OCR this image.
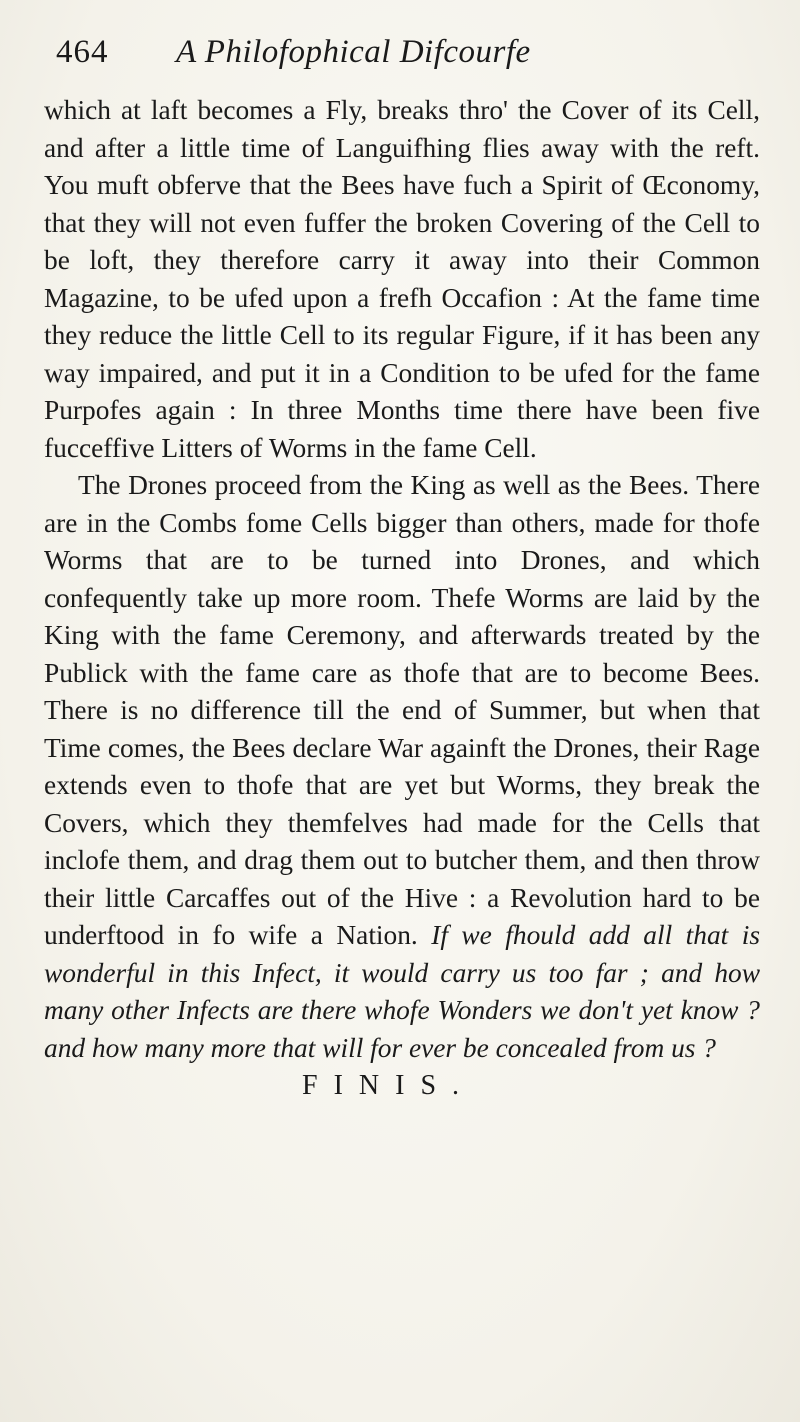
464	A Philofophical Difcourfe

which at laft becomes a Fly, breaks thro' the Cover of its Cell, and after a little time of Languifhing flies away with the reft. You muft obferve that the Bees have fuch a Spirit of Œconomy, that they will not even fuffer the broken Covering of the Cell to be loft, they therefore carry it away into their Common Magazine, to be ufed upon a frefh Occafion : At the fame time they reduce the little Cell to its regular Figure, if it has been any way impaired, and put it in a Condition to be ufed for the fame Purpofes again : In three Months time there have been five fucceffive Litters of Worms in the fame Cell.

The Drones proceed from the King as well as the Bees. There are in the Combs fome Cells bigger than others, made for thofe Worms that are to be turned into Drones, and which confequently take up more room. Thefe Worms are laid by the King with the fame Ceremony, and afterwards treated by the Publick with the fame care as thofe that are to become Bees. There is no difference till the end of Summer, but when that Time comes, the Bees declare War againft the Drones, their Rage extends even to thofe that are yet but Worms, they break the Covers, which they themfelves had made for the Cells that inclofe them, and drag them out to butcher them, and then throw their little Carcaffes out of the Hive : a Revolution hard to be underftood in fo wife a Nation. If we fhould add all that is wonderful in this Infect, it would carry us too far ; and how many other Infects are there whofe Wonders we don't yet know ? and how many more that will for ever be concealed from us ?

FINIS.
